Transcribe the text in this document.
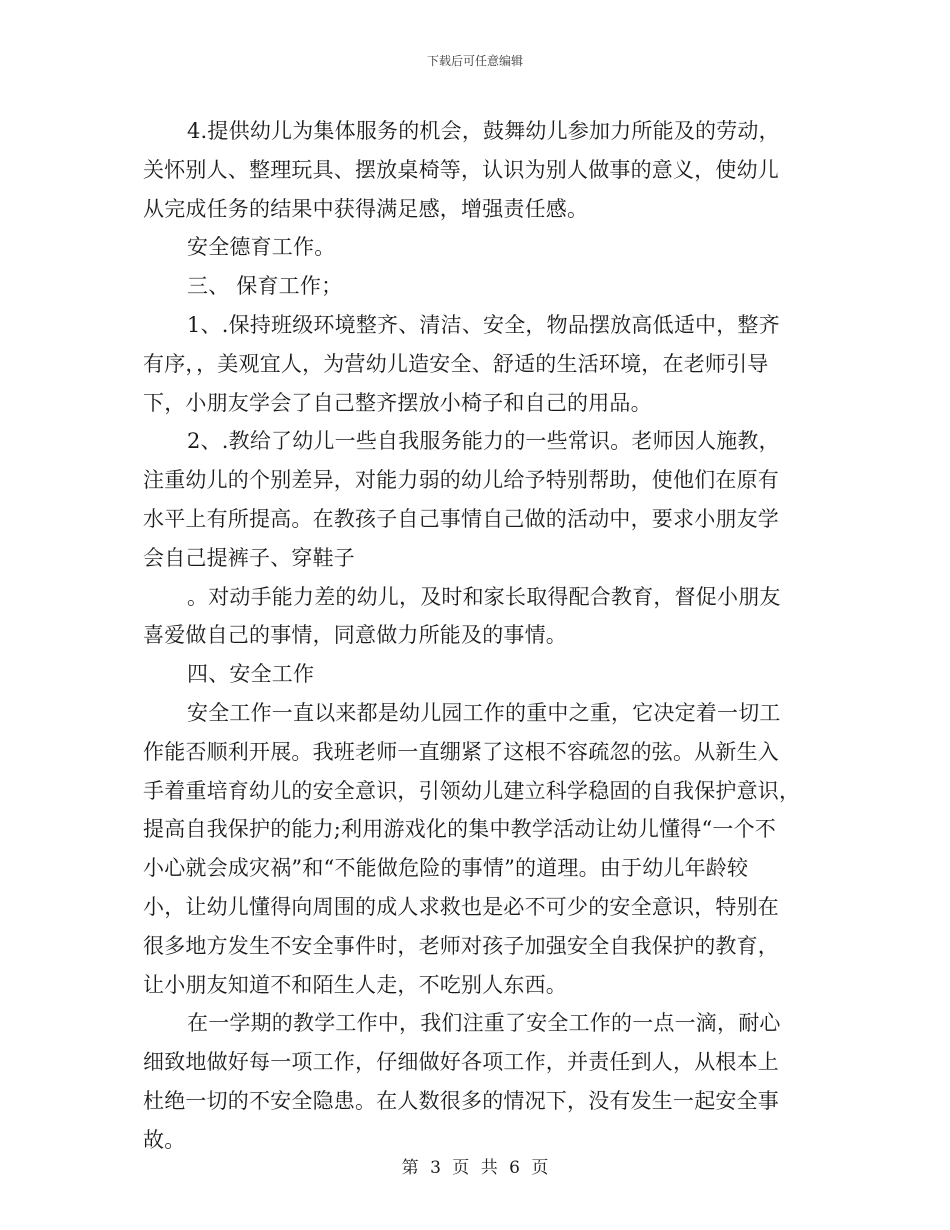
下载后可任意编辑
4.提供幼儿为集体服务的机会，鼓舞幼儿参加力所能及的劳动，
关怀别人、整理玩具、摆放桌椅等，认识为别人做事的意义，使幼儿
从完成任务的结果中获得满足感，增强责任感。
安全德育工作。
三、 保育工作；
1、.保持班级环境整齐、清洁、安全，物品摆放高低适中，整齐
有序，，美观宜人，为营幼儿造安全、舒适的生活环境，在老师引导
下，小朋友学会了自己整齐摆放小椅子和自己的用品。
2、.教给了幼儿一些自我服务能力的一些常识。老师因人施教，
注重幼儿的个别差异，对能力弱的幼儿给予特别帮助，使他们在原有
水平上有所提高。在教孩子自己事情自己做的活动中，要求小朋友学
会自己提裤子、穿鞋子
。对动手能力差的幼儿，及时和家长取得配合教育，督促小朋友
喜爱做自己的事情，同意做力所能及的事情。
四、安全工作
安全工作一直以来都是幼儿园工作的重中之重，它决定着一切工
作能否顺利开展。我班老师一直绷紧了这根不容疏忽的弦。从新生入
手着重培育幼儿的安全意识，引领幼儿建立科学稳固的自我保护意识，
提高自我保护的能力;利用游戏化的集中教学活动让幼儿懂得“一个不
小心就会成灾祸”和“不能做危险的事情”的道理。由于幼儿年龄较
小，让幼儿懂得向周围的成人求救也是必不可少的安全意识，特别在
很多地方发生不安全事件时，老师对孩子加强安全自我保护的教育，
让小朋友知道不和陌生人走，不吃别人东西。
在一学期的教学工作中，我们注重了安全工作的一点一滴，耐心
细致地做好每一项工作，仔细做好各项工作，并责任到人，从根本上
杜绝一切的不安全隐患。在人数很多的情况下，没有发生一起安全事
故。
第 3 页 共 6 页
